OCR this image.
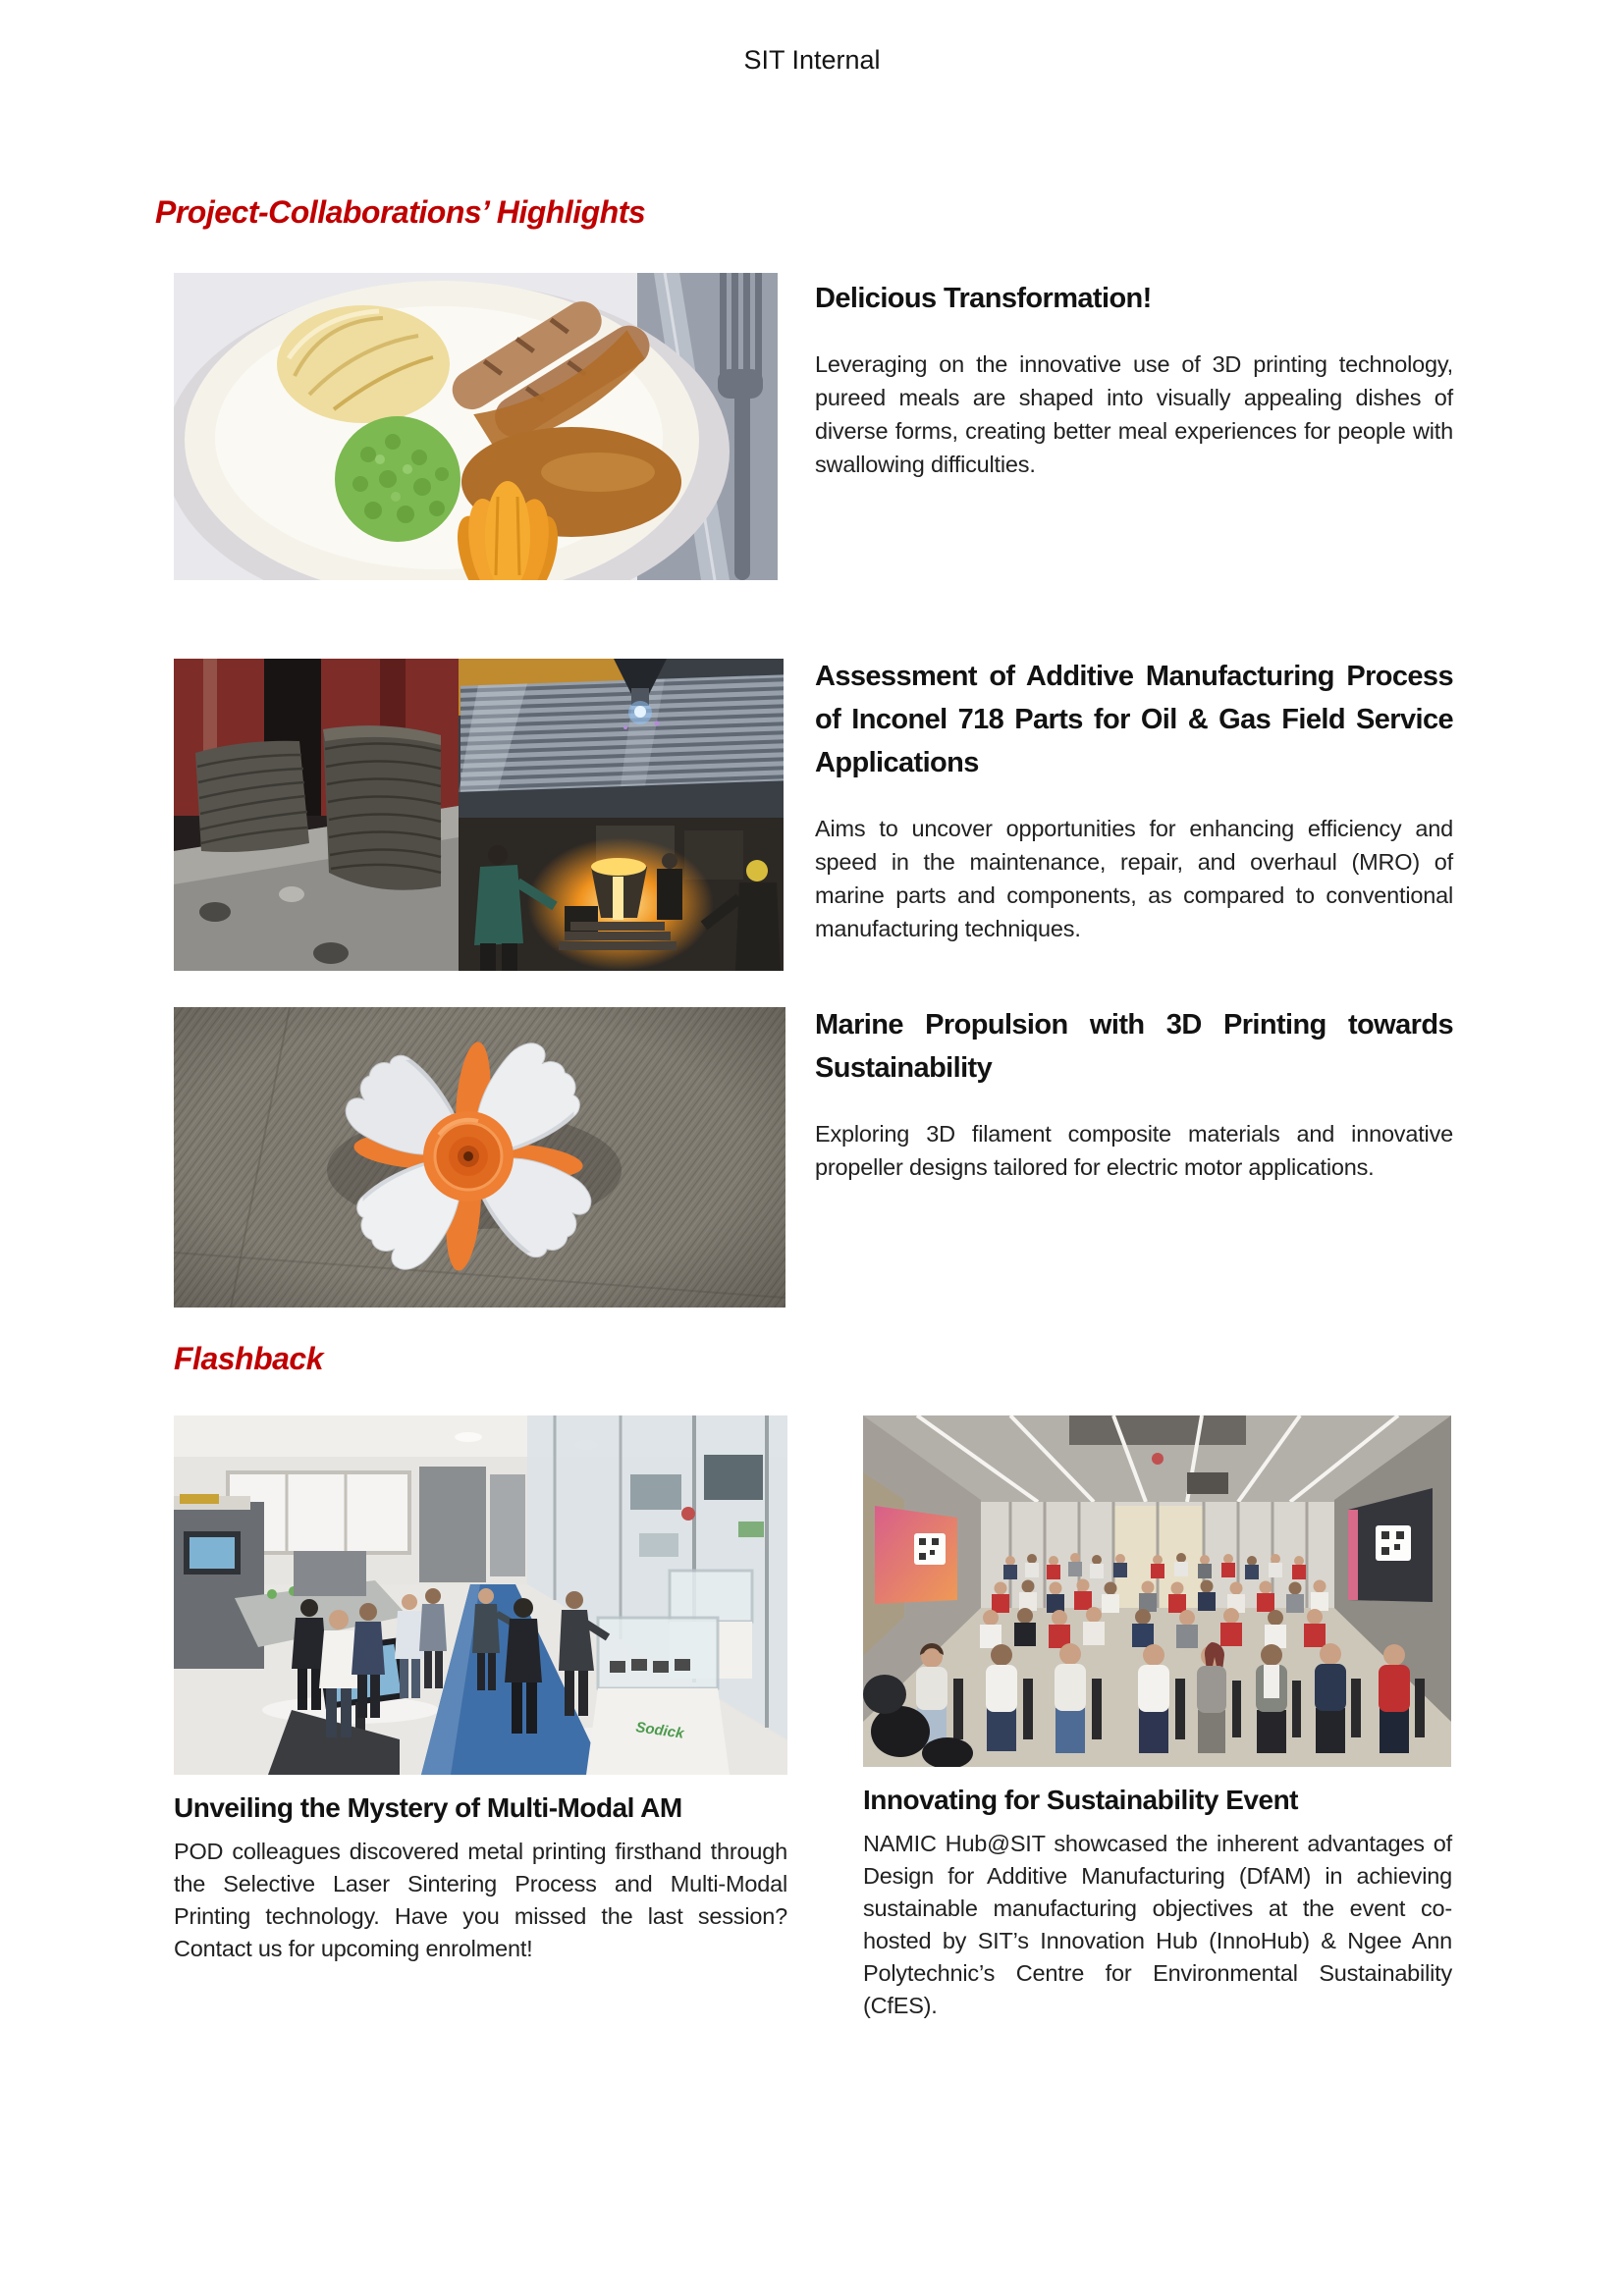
SIT Internal
Project-Collaborations’ Highlights
Delicious Transformation!

Leveraging on the innovative use of 3D printing technology, pureed meals are shaped into visually appealing dishes of diverse forms, creating better meal experiences for people with swallowing difficulties.

Assessment of Additive Manufacturing Process of Inconel 718 Parts for Oil & Gas Field Service Applications

Aims to uncover opportunities for enhancing efficiency and speed in the maintenance, repair, and overhaul (MRO) of marine parts and components, as compared to conventional manufacturing techniques.

Marine Propulsion with 3D Printing towards Sustainability

Exploring 3D filament composite materials and innovative propeller designs tailored for electric motor applications.

Flashback
Sodick
Unveiling the Mystery of Multi-Modal AM

POD colleagues discovered metal printing firsthand through the Selective Laser Sintering Process and Multi-Modal Printing technology. Have you missed the last session? Contact us for upcoming enrolment!

Innovating for Sustainability Event

NAMIC Hub@SIT showcased the inherent advantages of Design for Additive Manufacturing (DfAM) in achieving sustainable manufacturing objectives at the event co-hosted by SIT’s Innovation Hub (InnoHub) & Ngee Ann Polytechnic’s Centre for Environmental Sustainability (CfES).
